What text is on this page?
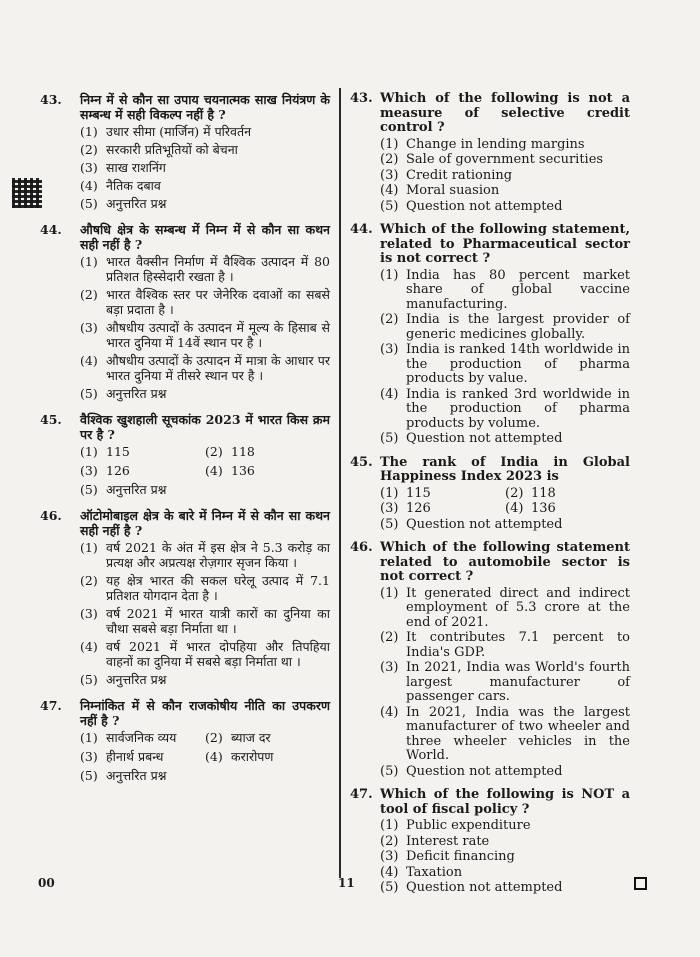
43.	निम्न में से कौन सा उपाय चयनात्मक साख नियंत्रण के सम्बन्ध में सही विकल्प नहीं है ?
(1) उधार सीमा (मार्जिन) में परिवर्तन
(2) सरकारी प्रतिभूतियों को बेचना
(3) साख राशनिंग
(4) नैतिक दबाव
(5) अनुत्तरित प्रश्न
44.	औषधि क्षेत्र के सम्बन्ध में निम्न में से कौन सा कथन सही नहीं है ?
(1) भारत वैक्सीन निर्माण में वैश्विक उत्पादन में 80 प्रतिशत हिस्सेदारी रखता है ।
(2) भारत वैश्विक स्तर पर जेनेरिक दवाओं का सबसे बड़ा प्रदाता है ।
(3) औषधीय उत्पादों के उत्पादन में मूल्य के हिसाब से भारत दुनिया में 14वें स्थान पर है ।
(4) औषधीय उत्पादों के उत्पादन में मात्रा के आधार पर भारत दुनिया में तीसरे स्थान पर है ।
(5) अनुत्तरित प्रश्न
45.	वैश्विक खुशहाली सूचकांक 2023 में भारत किस क्रम पर है ?
(1) 115	(2) 118
(3) 126	(4) 136
(5) अनुत्तरित प्रश्न
46.	ऑटोमोबाइल क्षेत्र के बारे में निम्न में से कौन सा कथन सही नहीं है ?
(1) वर्ष 2021 के अंत में इस क्षेत्र ने 5.3 करोड़ का प्रत्यक्ष और अप्रत्यक्ष रोज़गार सृजन किया ।
(2) यह क्षेत्र भारत की सकल घरेलू उत्पाद में 7.1 प्रतिशत योगदान देता है ।
(3) वर्ष 2021 में भारत यात्री कारों का दुनिया का चौथा सबसे बड़ा निर्माता था ।
(4) वर्ष 2021 में भारत दोपहिया और तिपहिया वाहनों का दुनिया में सबसे बड़ा निर्माता था ।
(5) अनुत्तरित प्रश्न
47.	निम्नांकित में से कौन राजकोषीय नीति का उपकरण नहीं है ?
(1) सार्वजनिक व्यय	(2) ब्याज दर
(3) हीनार्थ प्रबन्ध	(4) करारोपण
(5) अनुत्तरित प्रश्न
43. Which of the following is not a measure of selective credit control ?
(1) Change in lending margins
(2) Sale of government securities
(3) Credit rationing
(4) Moral suasion
(5) Question not attempted
44. Which of the following statement, related to Pharmaceutical sector is not correct ?
(1) India has 80 percent market share of global vaccine manufacturing.
(2) India is the largest provider of generic medicines globally.
(3) India is ranked 14th worldwide in the production of pharma products by value.
(4) India is ranked 3rd worldwide in the production of pharma products by volume.
(5) Question not attempted
45. The rank of India in Global Happiness Index 2023 is
(1) 115	(2) 118
(3) 126	(4) 136
(5) Question not attempted
46. Which of the following statement related to automobile sector is not correct ?
(1) It generated direct and indirect employment of 5.3 crore at the end of 2021.
(2) It contributes 7.1 percent to India's GDP.
(3) In 2021, India was World's fourth largest manufacturer of passenger cars.
(4) In 2021, India was the largest manufacturer of two wheeler and three wheeler vehicles in the World.
(5) Question not attempted
47. Which of the following is NOT a tool of fiscal policy ?
(1) Public expenditure
(2) Interest rate
(3) Deficit financing
(4) Taxation
(5) Question not attempted
00	11
